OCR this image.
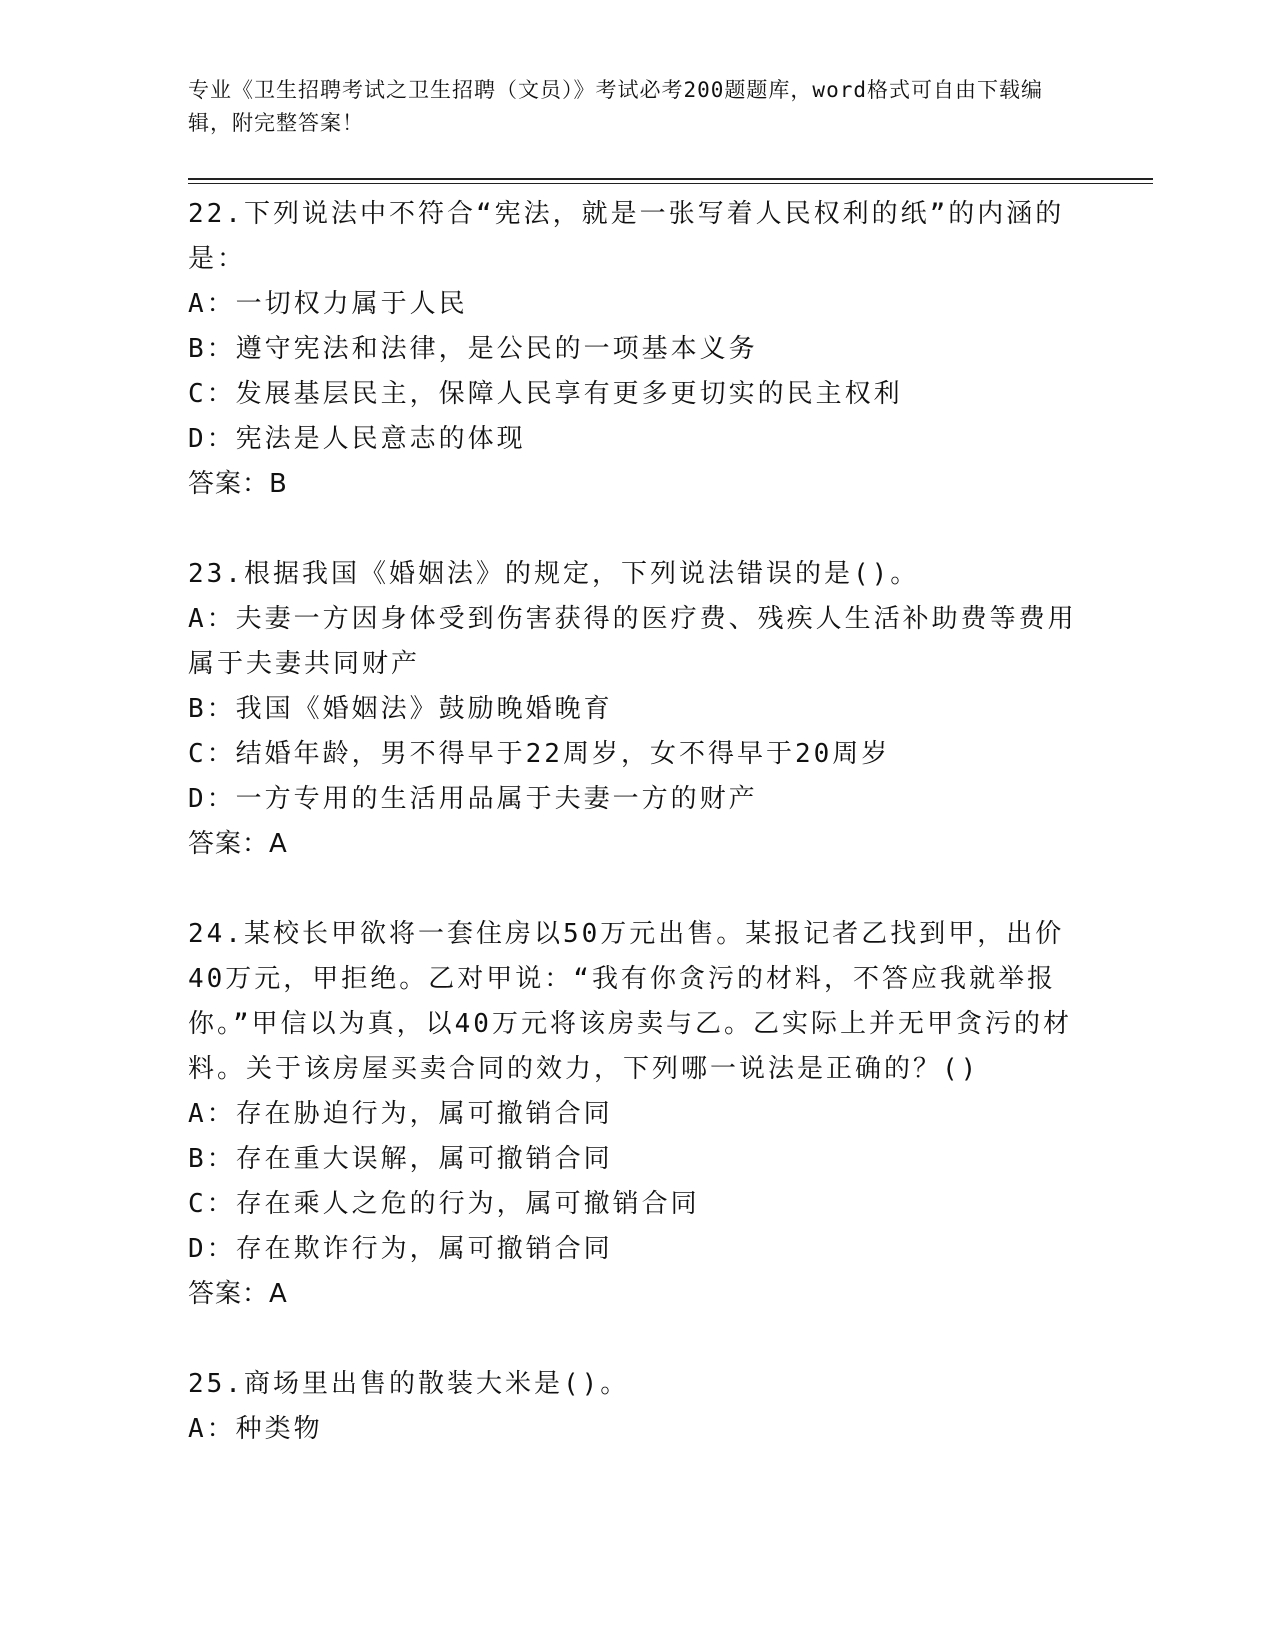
专业《卫生招聘考试之卫生招聘（文员）》考试必考200题题库，word格式可自由下载编辑，附完整答案！
22.下列说法中不符合“宪法，就是一张写着人民权利的纸”的内涵的是：
A：一切权力属于人民
B：遵守宪法和法律，是公民的一项基本义务
C：发展基层民主，保障人民享有更多更切实的民主权利
D：宪法是人民意志的体现
答案：B
23.根据我国《婚姻法》的规定，下列说法错误的是()。
A：夫妻一方因身体受到伤害获得的医疗费、残疾人生活补助费等费用属于夫妻共同财产
B：我国《婚姻法》鼓励晚婚晚育
C：结婚年龄，男不得早于22周岁，女不得早于20周岁
D：一方专用的生活用品属于夫妻一方的财产
答案：A
24.某校长甲欲将一套住房以50万元出售。某报记者乙找到甲，出价40万元，甲拒绝。乙对甲说：“我有你贪污的材料，不答应我就举报你。”甲信以为真，以40万元将该房卖与乙。乙实际上并无甲贪污的材料。关于该房屋买卖合同的效力，下列哪一说法是正确的？()
A：存在胁迫行为，属可撤销合同
B：存在重大误解，属可撤销合同
C：存在乘人之危的行为，属可撤销合同
D：存在欺诈行为，属可撤销合同
答案：A
25.商场里出售的散装大米是()。
A：种类物
